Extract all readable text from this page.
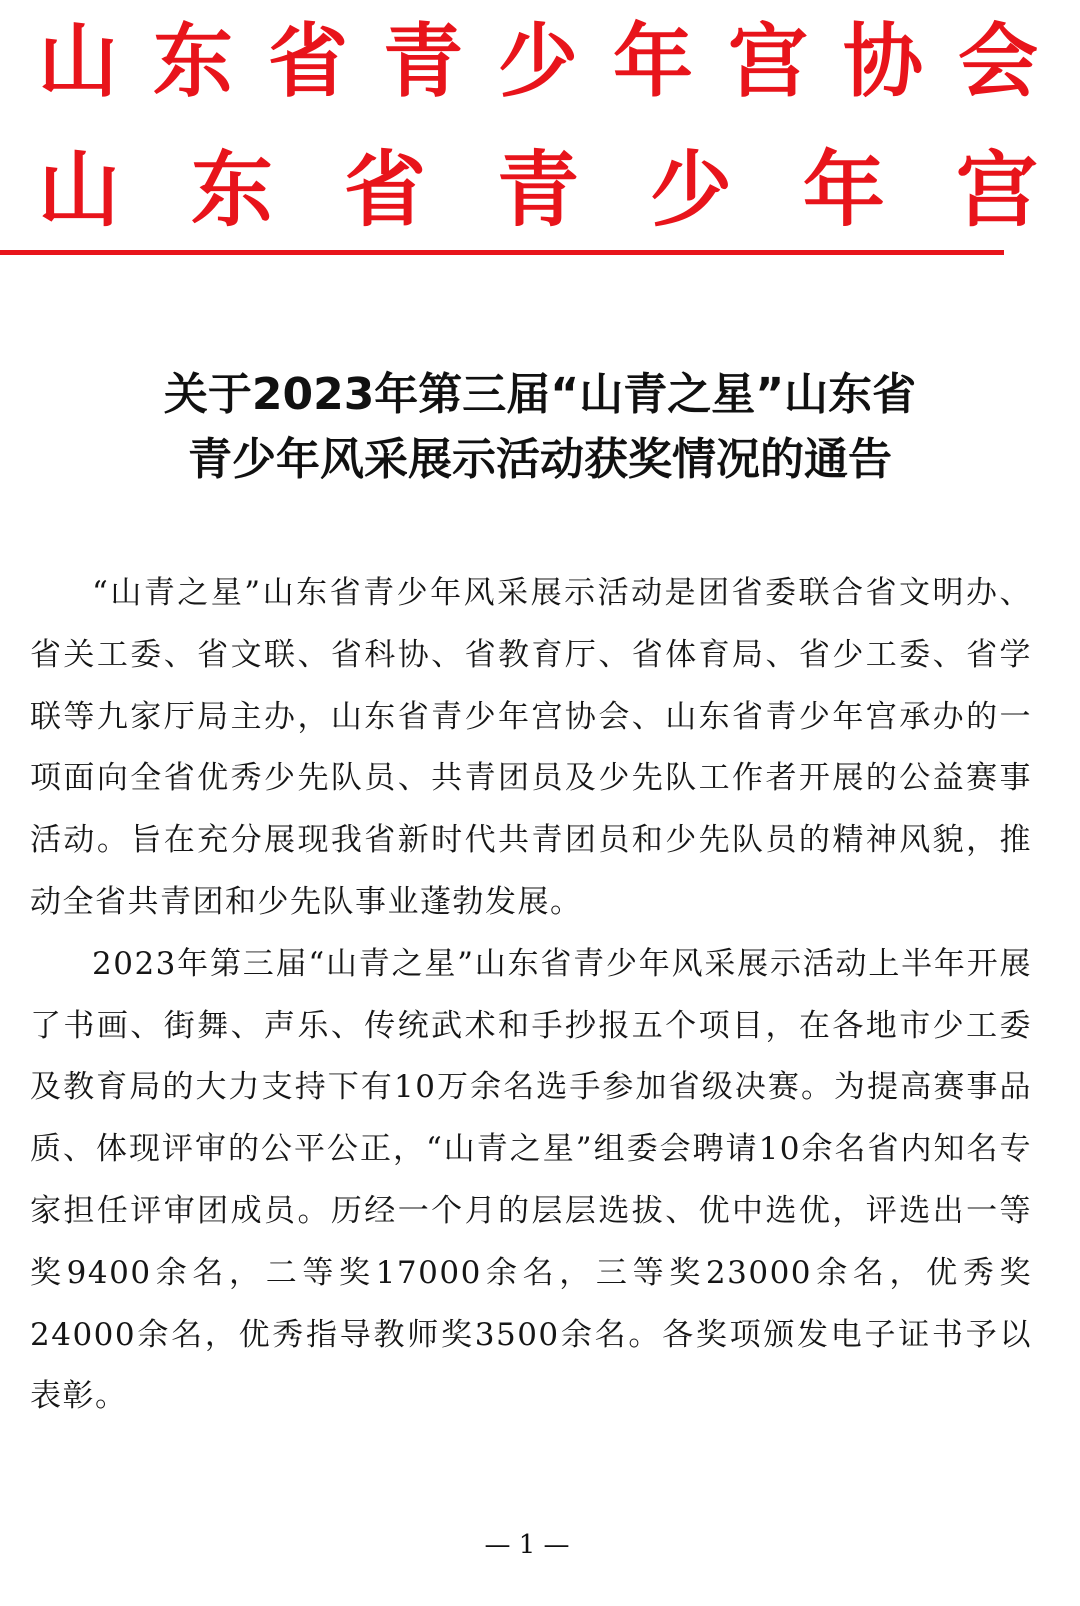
山 东 省 青 少 年 宫 协 会
山 东 省 青 少 年 宫
关于2023年第三届“山青之星”山东省
青少年风采展示活动获奖情况的通告

“山青之星”山东省青少年风采展示活动是团省委联合省文明办、省关工委、省文联、省科协、省教育厅、省体育局、省少工委、省学联等九家厅局主办，山东省青少年宫协会、山东省青少年宫承办的一项面向全省优秀少先队员、共青团员及少先队工作者开展的公益赛事活动。旨在充分展现我省新时代共青团员和少先队员的精神风貌，推动全省共青团和少先队事业蓬勃发展。

2023年第三届“山青之星”山东省青少年风采展示活动上半年开展了书画、街舞、声乐、传统武术和手抄报五个项目，在各地市少工委及教育局的大力支持下有10万余名选手参加省级决赛。为提高赛事品质、体现评审的公平公正，“山青之星”组委会聘请10余名省内知名专家担任评审团成员。历经一个月的层层选拔、优中选优，评选出一等奖9400余名，二等奖17000余名，三等奖23000余名，优秀奖24000余名，优秀指导教师奖3500余名。各奖项颁发电子证书予以表彰。

— 1 —
